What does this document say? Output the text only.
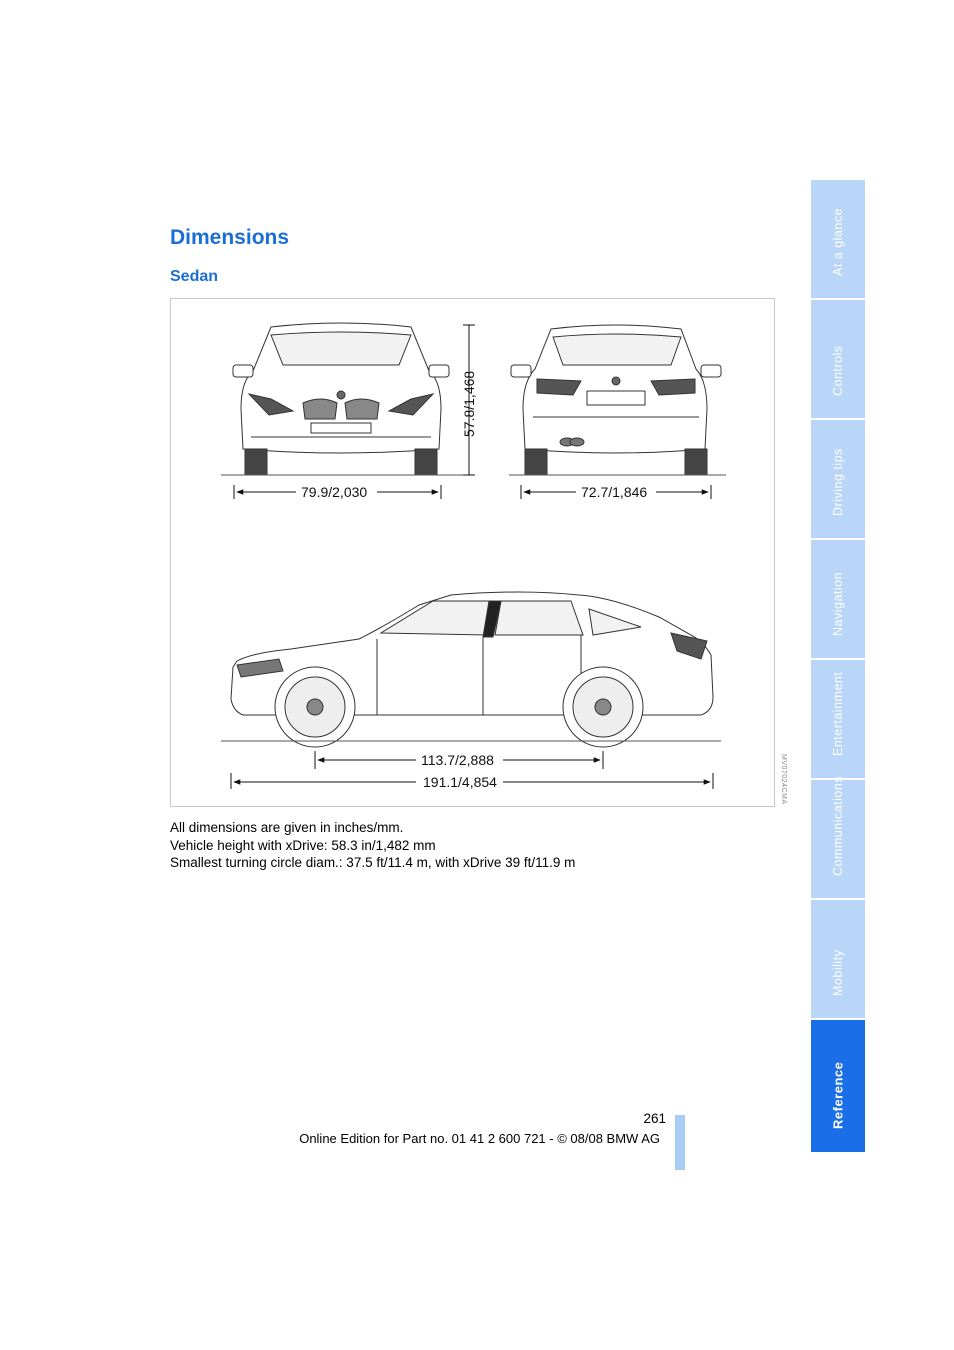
Dimensions
Sedan
57.8/1,468
79.9/2,030	72.7/1,846
113.7/2,888
191.1/4,854	MV07024CMA
All dimensions are given in inches/mm.
Vehicle height with xDrive: 58.3 in/1,482 mm
Smallest turning circle diam.: 37.5 ft/11.4 m, with xDrive 39 ft/11.9 m
261
Online Edition for Part no. 01 41 2 600 721 - © 08/08 BMW AG
At a glance
Controls
Driving tips
Navigation
Entertainment
Communications
Mobility
Reference
